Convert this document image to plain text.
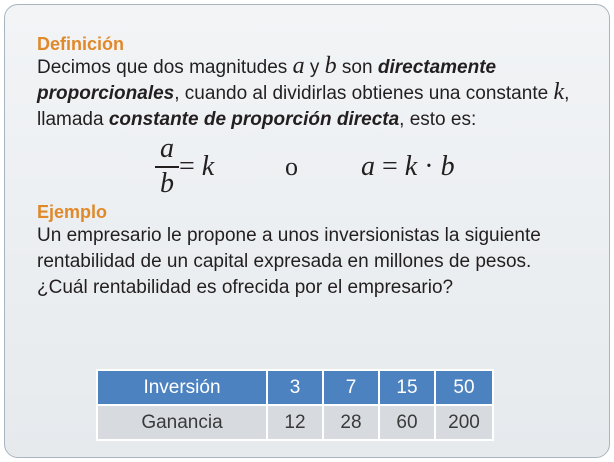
Definición

Decimos que dos magnitudes a y b son directamente proporcionales, cuando al dividirlas obtienes una constante k, llamada constante de proporción directa, esto es:

a
b
= k	o a = k · b
Ejemplo

Un empresario le propone a unos inversionistas la siguiente rentabilidad de un capital expresada en millones de pesos. ¿Cuál rentabilidad es ofrecida por el empresario?

Inversión	3	7	15	50
Ganancia	12	28	60	200
